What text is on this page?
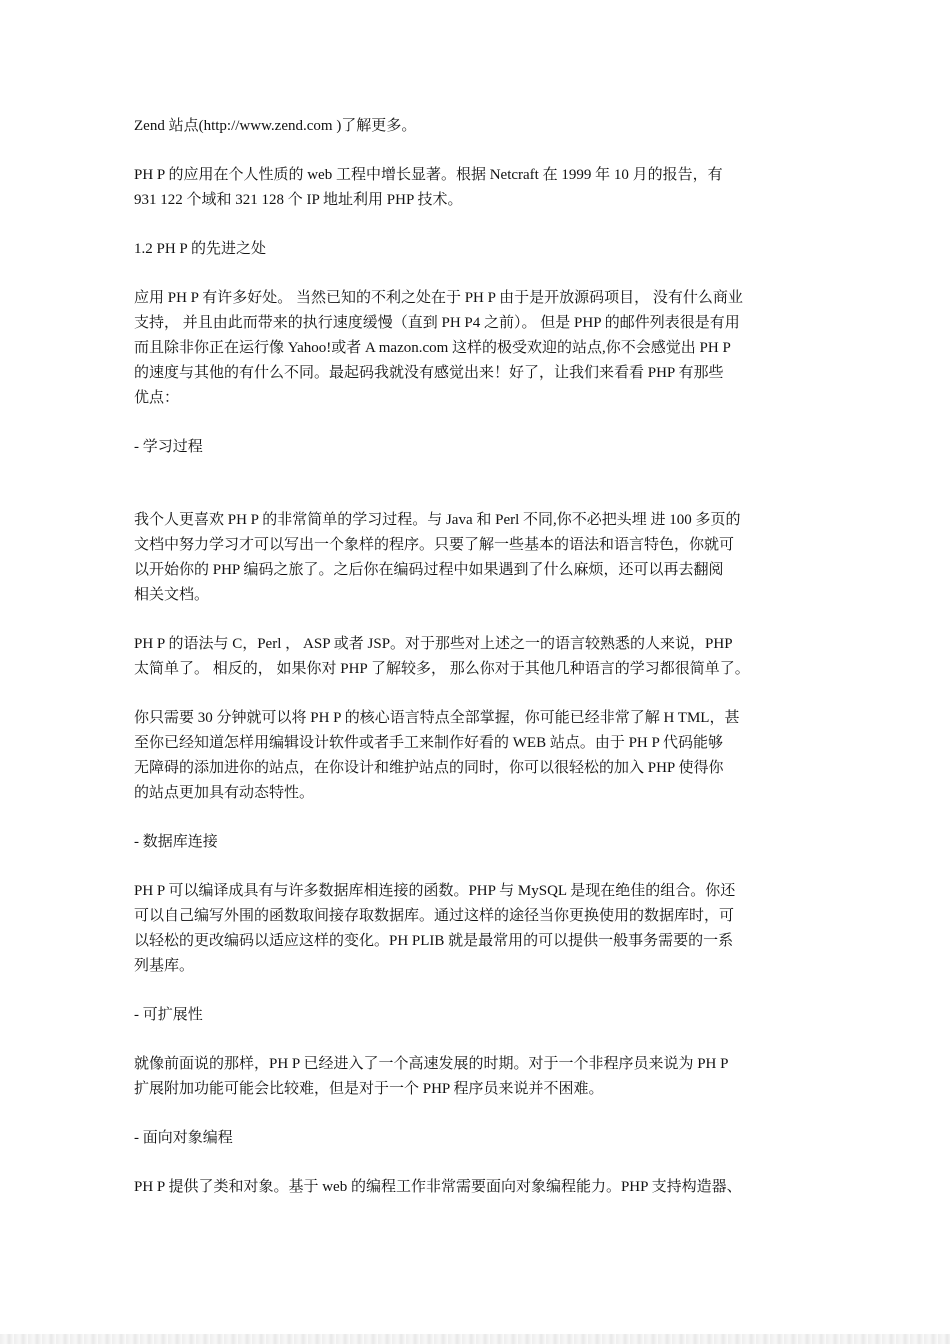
Zend 站点(http://www.zend.com )了解更多。

PH P 的应用在个人性质的 web 工程中增长显著。根据 Netcraft 在 1999 年 10 月的报告，有
931 122 个域和 321 128 个 IP 地址利用 PHP 技术。

1.2 PH P 的先进之处

应用 PH P 有许多好处。 当然已知的不利之处在于 PH P 由于是开放源码项目， 没有什么商业
支持， 并且由此而带来的执行速度缓慢（直到 PH P4 之前）。 但是 PHP 的邮件列表很是有用
而且除非你正在运行像 Yahoo!或者 A mazon.com 这样的极受欢迎的站点,你不会感觉出 PH P
的速度与其他的有什么不同。最起码我就没有感觉出来！好了，让我们来看看 PHP 有那些
优点：

- 学习过程

我个人更喜欢 PH P 的非常简单的学习过程。与 Java 和 Perl 不同,你不必把头埋 进 100 多页的
文档中努力学习才可以写出一个象样的程序。只要了解一些基本的语法和语言特色，你就可
以开始你的 PHP 编码之旅了。之后你在编码过程中如果遇到了什么麻烦，还可以再去翻阅
相关文档。

PH P 的语法与 C，Perl ， ASP 或者 JSP。对于那些对上述之一的语言较熟悉的人来说，PHP
太简单了。 相反的， 如果你对 PHP 了解较多， 那么你对于其他几种语言的学习都很简单了。

你只需要 30 分钟就可以将 PH P 的核心语言特点全部掌握，你可能已经非常了解 H TML，甚
至你已经知道怎样用编辑设计软件或者手工来制作好看的 WEB 站点。由于 PH P 代码能够
无障碍的添加进你的站点，在你设计和维护站点的同时，你可以很轻松的加入 PHP 使得你
的站点更加具有动态特性。

- 数据库连接

PH P 可以编译成具有与许多数据库相连接的函数。PHP 与 MySQL 是现在绝佳的组合。你还
可以自己编写外围的函数取间接存取数据库。通过这样的途径当你更换使用的数据库时，可
以轻松的更改编码以适应这样的变化。PH PLIB 就是最常用的可以提供一般事务需要的一系
列基库。

- 可扩展性

就像前面说的那样，PH P 已经进入了一个高速发展的时期。对于一个非程序员来说为 PH P
扩展附加功能可能会比较难，但是对于一个 PHP 程序员来说并不困难。

- 面向对象编程

PH P 提供了类和对象。基于 web 的编程工作非常需要面向对象编程能力。PHP 支持构造器、
